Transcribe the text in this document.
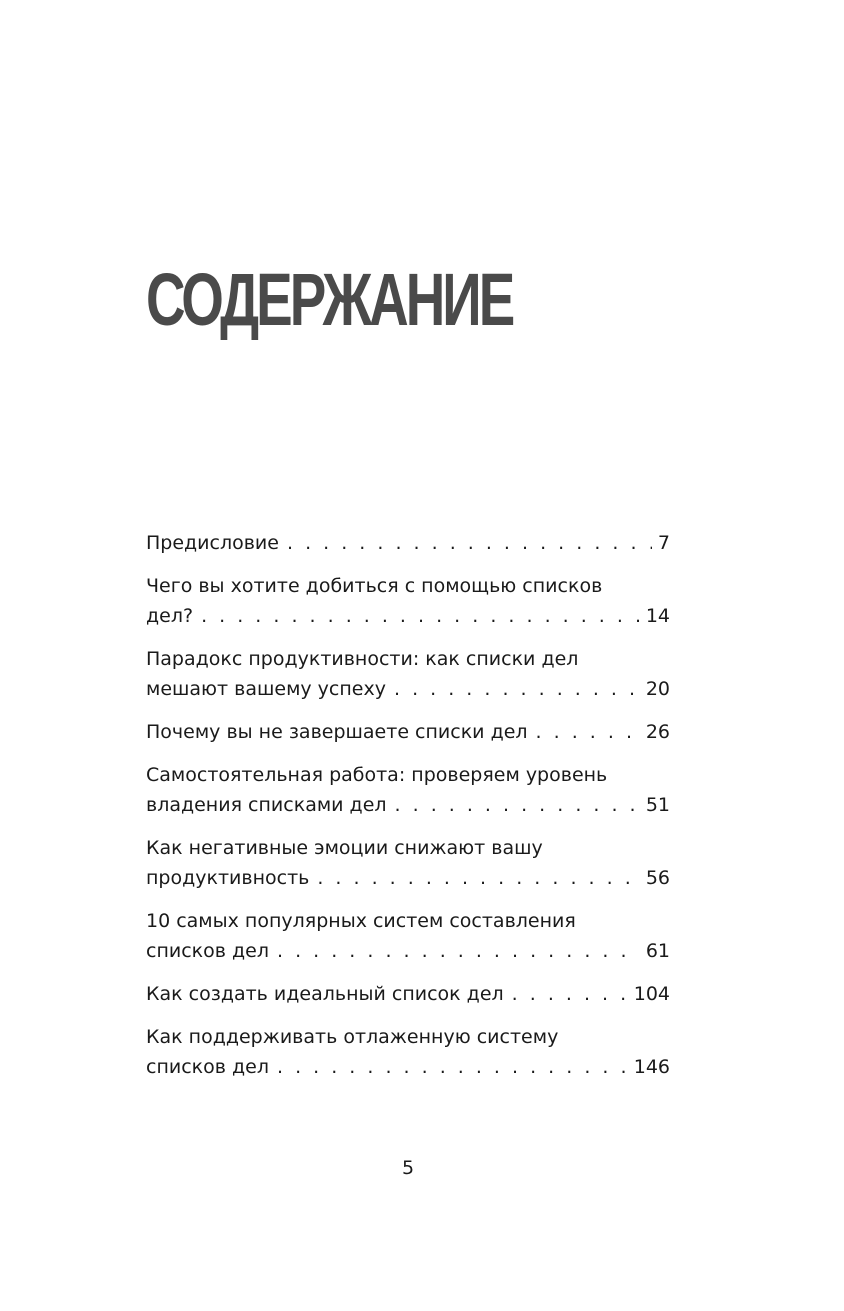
СОДЕРЖАНИЕ
Предисловие . . .	7
Чего вы хотите добиться с помощью списков
дел? . . .	14
Парадокс продуктивности: как списки дел
мешают вашему успеху . . .	20
Почему вы не завершаете списки дел . . .	26
Самостоятельная работа: проверяем уровень
владения списками дел . . .	51
Как негативные эмоции снижают вашу
продуктивность . . .	56
10 самых популярных систем составления
списков дел . . .	61
Как создать идеальный список дел . . .	104
Как поддерживать отлаженную систему
списков дел . . .	146
5
